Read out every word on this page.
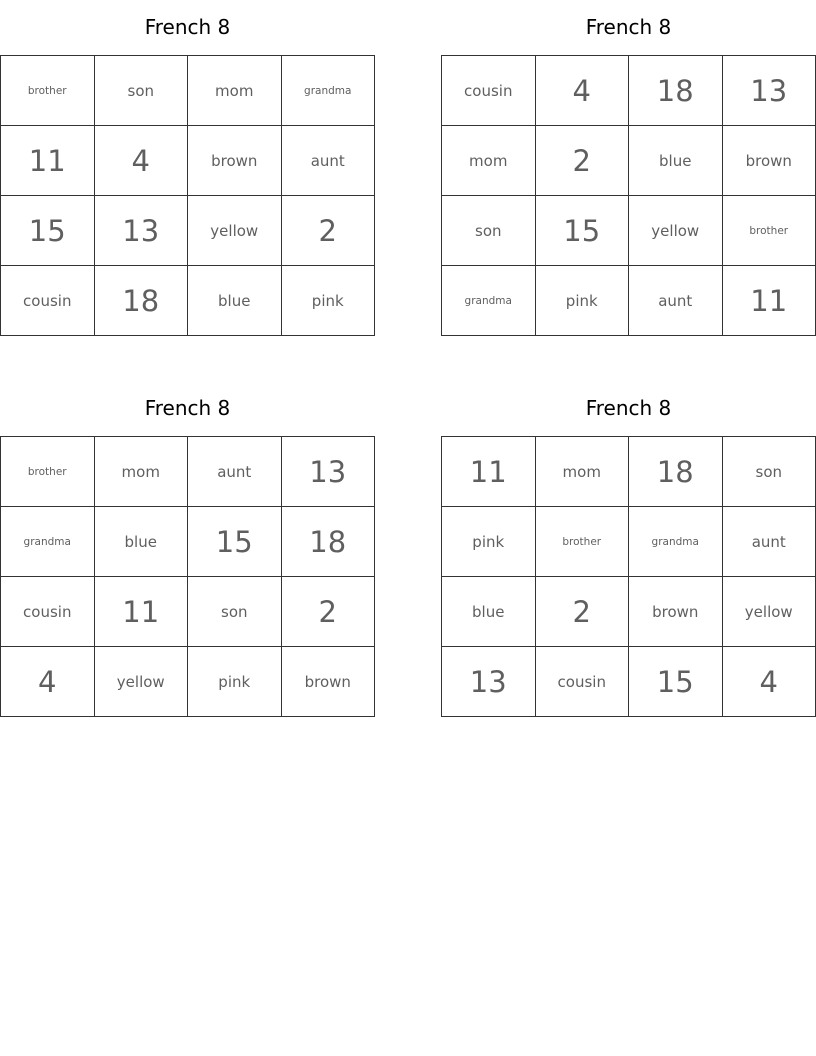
French 8
brother	son	mom	grandma
11	4	brown	aunt
15	13	yellow	2
cousin	18	blue	pink
French 8
cousin	4	18	13
mom	2	blue	brown
son	15	yellow	brother
grandma	pink	aunt	11
French 8
brother	mom	aunt	13
grandma	blue	15	18
cousin	11	son	2
4	yellow	pink	brown
French 8
11	mom	18	son
pink	brother	grandma	aunt
blue	2	brown	yellow
13	cousin	15	4
